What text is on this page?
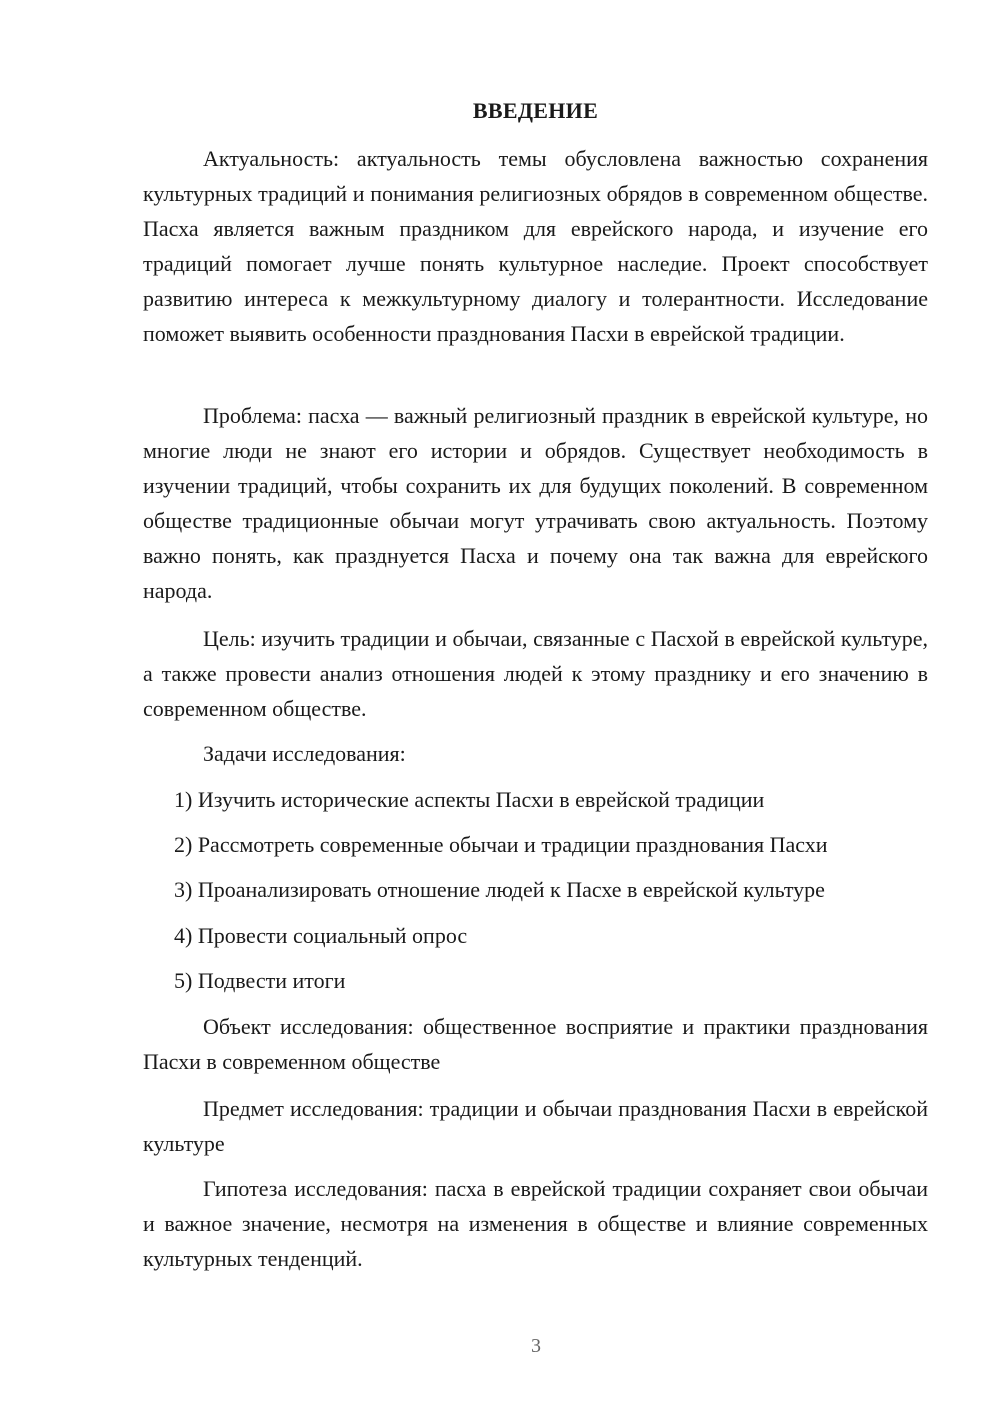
ВВЕДЕНИЕ

Актуальность: актуальность темы обусловлена важностью сохранения культурных традиций и понимания религиозных обрядов в современном обществе. Пасха является важным праздником для еврейского народа, и изучение его традиций помогает лучше понять культурное наследие. Проект способствует развитию интереса к межкультурному диалогу и толерантности. Исследование поможет выявить особенности празднования Пасхи в еврейской традиции.

Проблема: пасха — важный религиозный праздник в еврейской культуре, но многие люди не знают его истории и обрядов. Существует необходимость в изучении традиций, чтобы сохранить их для будущих поколений. В современном обществе традиционные обычаи могут утрачивать свою актуальность. Поэтому важно понять, как празднуется Пасха и почему она так важна для еврейского народа.

Цель: изучить традиции и обычаи, связанные с Пасхой в еврейской культуре, а также провести анализ отношения людей к этому празднику и его значению в современном обществе.

Задачи исследования:

1) Изучить исторические аспекты Пасхи в еврейской традиции

2) Рассмотреть современные обычаи и традиции празднования Пасхи

3) Проанализировать отношение людей к Пасхе в еврейской культуре

4) Провести социальный опрос

5) Подвести итоги

Объект исследования: общественное восприятие и практики празднования Пасхи в современном обществе

Предмет исследования: традиции и обычаи празднования Пасхи в еврейской культуре

Гипотеза исследования: пасха в еврейской традиции сохраняет свои обычаи и важное значение, несмотря на изменения в обществе и влияние современных культурных тенденций.

3
